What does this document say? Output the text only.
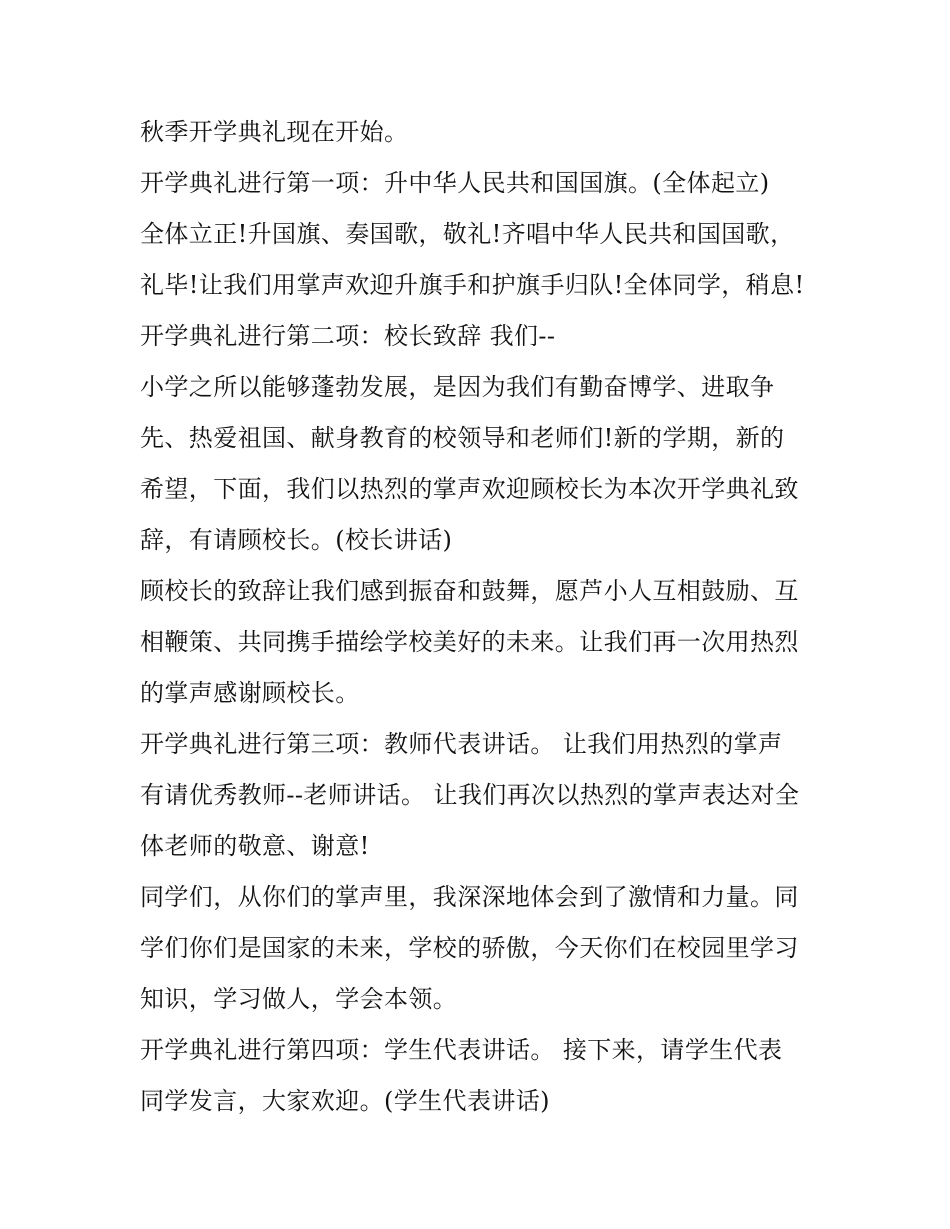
秋季开学典礼现在开始。
开学典礼进行第一项：升中华人民共和国国旗。(全体起立)
全体立正!升国旗、奏国歌，敬礼!齐唱中华人民共和国国歌，
礼毕!让我们用掌声欢迎升旗手和护旗手归队!全体同学，稍息!
开学典礼进行第二项：校长致辞 我们--
小学之所以能够蓬勃发展，是因为我们有勤奋博学、进取争
先、热爱祖国、献身教育的校领导和老师们!新的学期，新的
希望，下面，我们以热烈的掌声欢迎顾校长为本次开学典礼致
辞，有请顾校长。(校长讲话)
顾校长的致辞让我们感到振奋和鼓舞，愿芦小人互相鼓励、互
相鞭策、共同携手描绘学校美好的未来。让我们再一次用热烈
的掌声感谢顾校长。
开学典礼进行第三项：教师代表讲话。 让我们用热烈的掌声
有请优秀教师--老师讲话。 让我们再次以热烈的掌声表达对全
体老师的敬意、谢意!
同学们，从你们的掌声里，我深深地体会到了激情和力量。同
学们你们是国家的未来，学校的骄傲，今天你们在校园里学习
知识，学习做人，学会本领。
开学典礼进行第四项：学生代表讲话。 接下来，请学生代表
同学发言，大家欢迎。(学生代表讲话)
